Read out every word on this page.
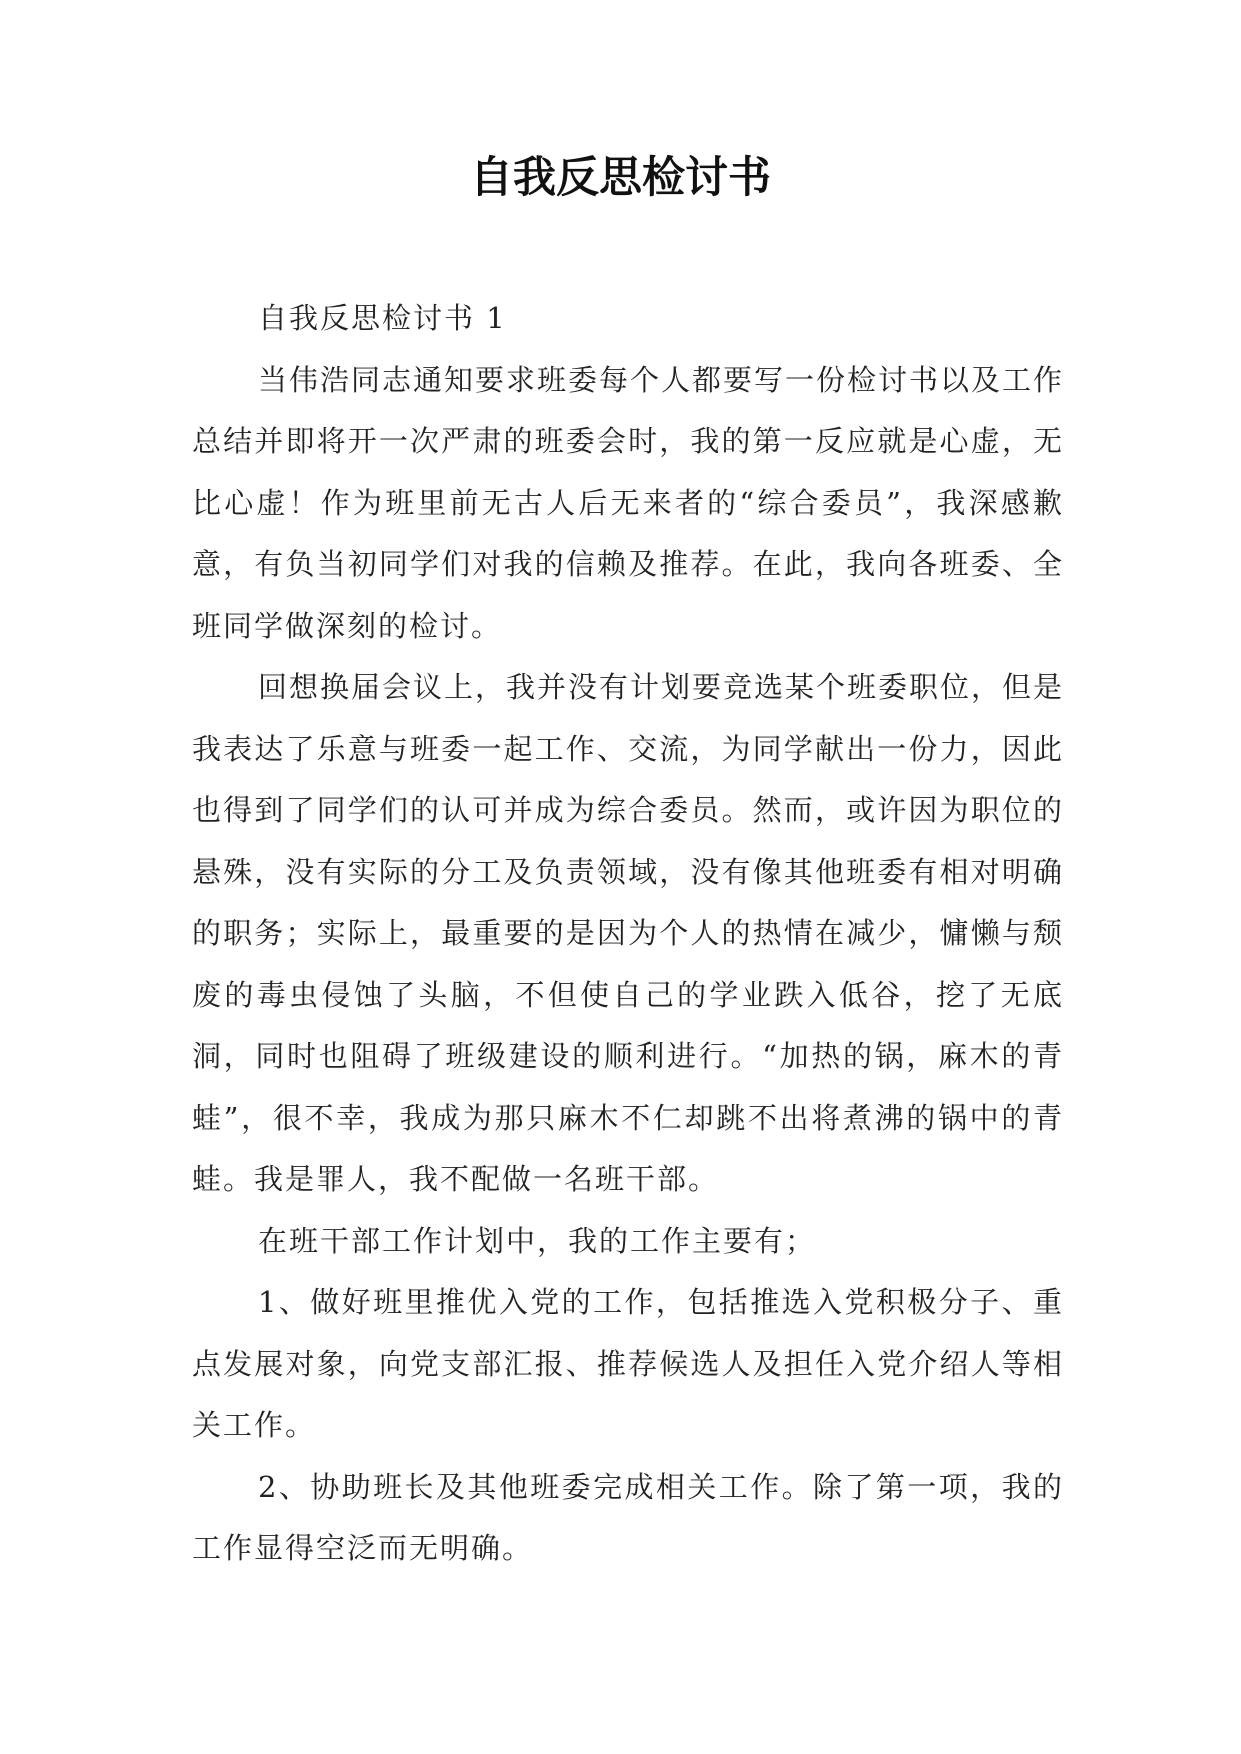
自我反思检讨书

自我反思检讨书 1

当伟浩同志通知要求班委每个人都要写一份检讨书以及工作总结并即将开一次严肃的班委会时，我的第一反应就是心虚，无比心虚！作为班里前无古人后无来者的“综合委员”，我深感歉意，有负当初同学们对我的信赖及推荐。在此，我向各班委、全班同学做深刻的检讨。

回想换届会议上，我并没有计划要竞选某个班委职位，但是我表达了乐意与班委一起工作、交流，为同学献出一份力，因此也得到了同学们的认可并成为综合委员。然而，或许因为职位的悬殊，没有实际的分工及负责领域，没有像其他班委有相对明确的职务；实际上，最重要的是因为个人的热情在减少，慵懒与颓废的毒虫侵蚀了头脑，不但使自己的学业跌入低谷，挖了无底洞，同时也阻碍了班级建设的顺利进行。“加热的锅，麻木的青蛙”，很不幸，我成为那只麻木不仁却跳不出将煮沸的锅中的青蛙。我是罪人，我不配做一名班干部。

在班干部工作计划中，我的工作主要有；

1、做好班里推优入党的工作，包括推选入党积极分子、重点发展对象，向党支部汇报、推荐候选人及担任入党介绍人等相关工作。

2、协助班长及其他班委完成相关工作。除了第一项，我的工作显得空泛而无明确。
